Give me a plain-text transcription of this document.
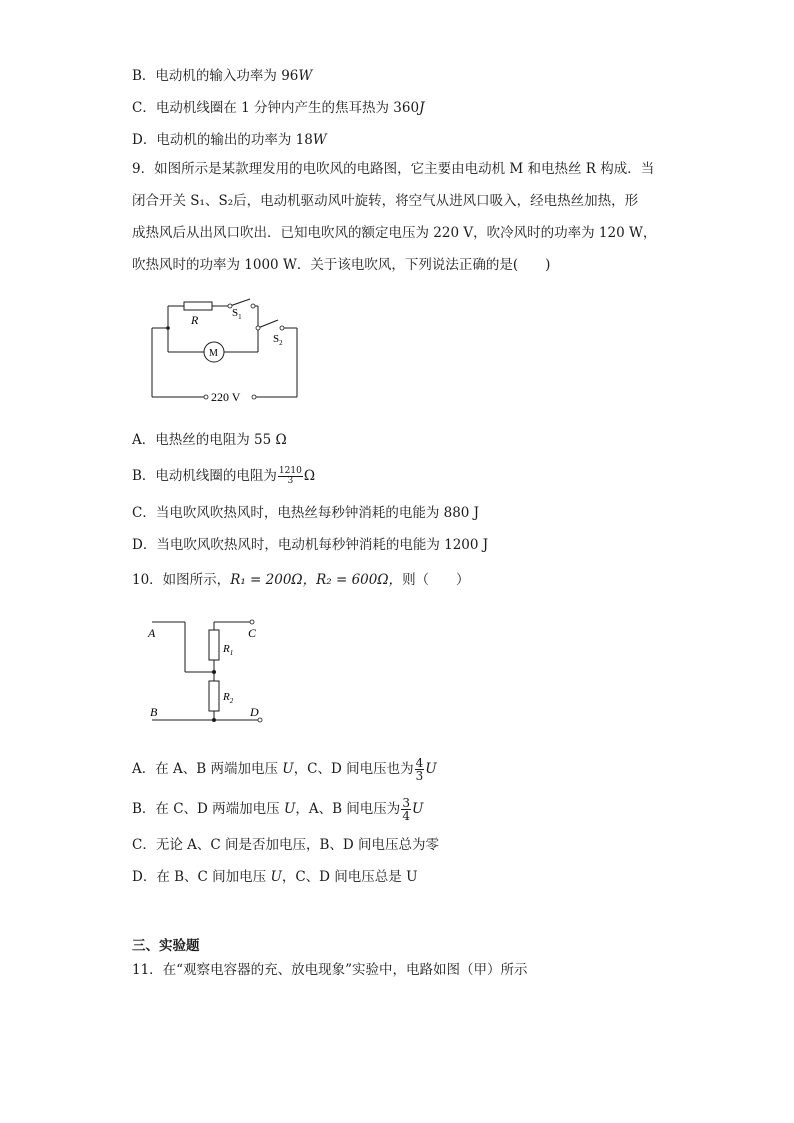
B．电动机的输入功率为 96W
C．电动机线圈在 1 分钟内产生的焦耳热为 360J
D．电动机的输出的功率为 18W
9．如图所示是某款理发用的电吹风的电路图，它主要由电动机 M 和电热丝 R 构成．当
闭合开关 S₁、S₂后，电动机驱动风叶旋转，将空气从进风口吸入，经电热丝加热，形
成热风后从出风口吹出．已知电吹风的额定电压为 220 V，吹冷风时的功率为 120 W，
吹热风时的功率为 1000 W．关于该电吹风，下列说法正确的是(　　)
R	$S_1$
$S_2$
M
220 V
A．电热丝的电阻为 55 Ω
B．电动机线圈的电阻为 $\frac{1210}{3}$ Ω
C．当电吹风吹热风时，电热丝每秒钟消耗的电能为 880 J
D．当电吹风吹热风时，电动机每秒钟消耗的电能为 1200 J
10．如图所示，R₁ = 200Ω，R₂ = 600Ω，则（　　）
A
B
C
D
$R_1$
$R_2$
A．在 A、B 两端加电压 U，C、D 间电压也为 $\frac{4}{3}$ U
B．在 C、D 两端加电压 U，A、B 间电压为 $\frac{3}{4}$ U
C．无论 A、C 间是否加电压，B、D 间电压总为零
D．在 B、C 间加电压 U，C、D 间电压总是 U
三、实验题
11．在“观察电容器的充、放电现象”实验中，电路如图（甲）所示
